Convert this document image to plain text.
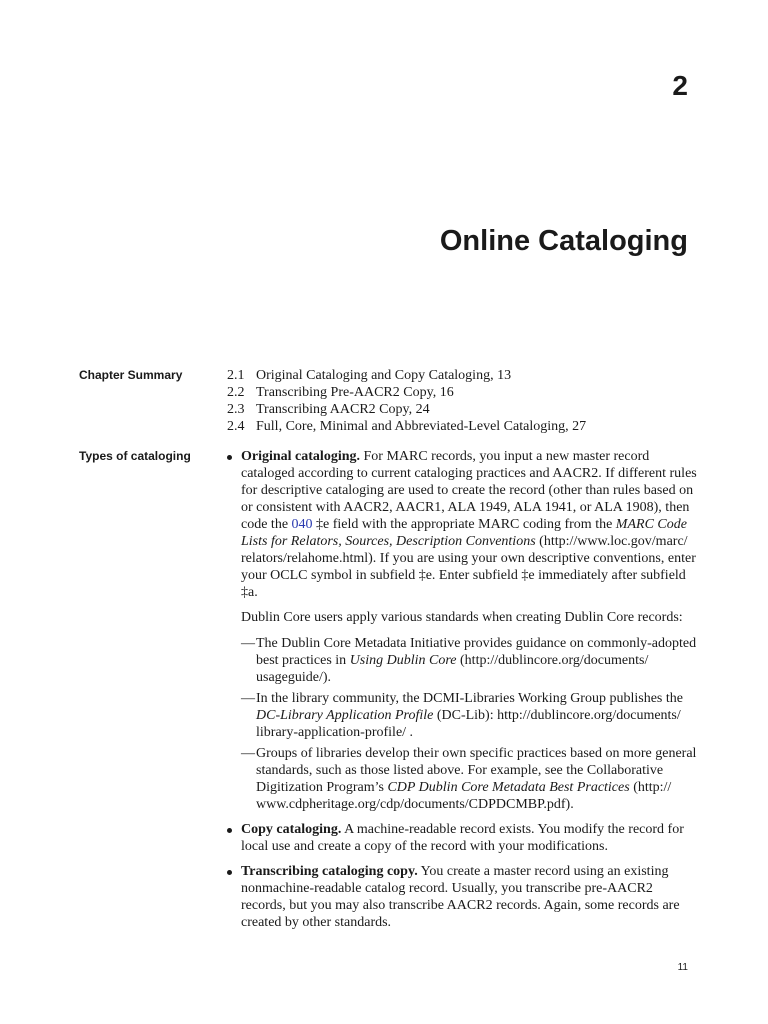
2
Online Cataloging
Chapter Summary	2.1 Original Cataloging and Copy Cataloging, 13
2.2 Transcribing Pre-AACR2 Copy, 16
2.3 Transcribing AACR2 Copy, 24
2.4 Full, Core, Minimal and Abbreviated-Level Cataloging, 27
Types of cataloging	Original cataloging. For MARC records, you input a new master record
cataloged according to current cataloging practices and AACR2. If different rules
for descriptive cataloging are used to create the record (other than rules based on
or consistent with AACR2, AACR1, ALA 1949, ALA 1941, or ALA 1908), then
code the 040 ‡e field with the appropriate MARC coding from the MARC Code
Lists for Relators, Sources, Description Conventions (http://www.loc.gov/marc/
relators/relahome.html). If you are using your own descriptive conventions, enter
your OCLC symbol in subfield ‡e. Enter subfield ‡e immediately after subfield
‡a.
Dublin Core users apply various standards when creating Dublin Core records:
— The Dublin Core Metadata Initiative provides guidance on commonly-adopted
best practices in Using Dublin Core (http://dublincore.org/documents/
usageguide/).
— In the library community, the DCMI-Libraries Working Group publishes the
DC-Library Application Profile (DC-Lib): http://dublincore.org/documents/
library-application-profile/ .
— Groups of libraries develop their own specific practices based on more general
standards, such as those listed above. For example, see the Collaborative
Digitization Program’s CDP Dublin Core Metadata Best Practices (http://
www.cdpheritage.org/cdp/documents/CDPDCMBP.pdf).
Copy cataloging. A machine-readable record exists. You modify the record for
local use and create a copy of the record with your modifications.
Transcribing cataloging copy. You create a master record using an existing
nonmachine-readable catalog record. Usually, you transcribe pre-AACR2
records, but you may also transcribe AACR2 records. Again, some records are
created by other standards.
11
